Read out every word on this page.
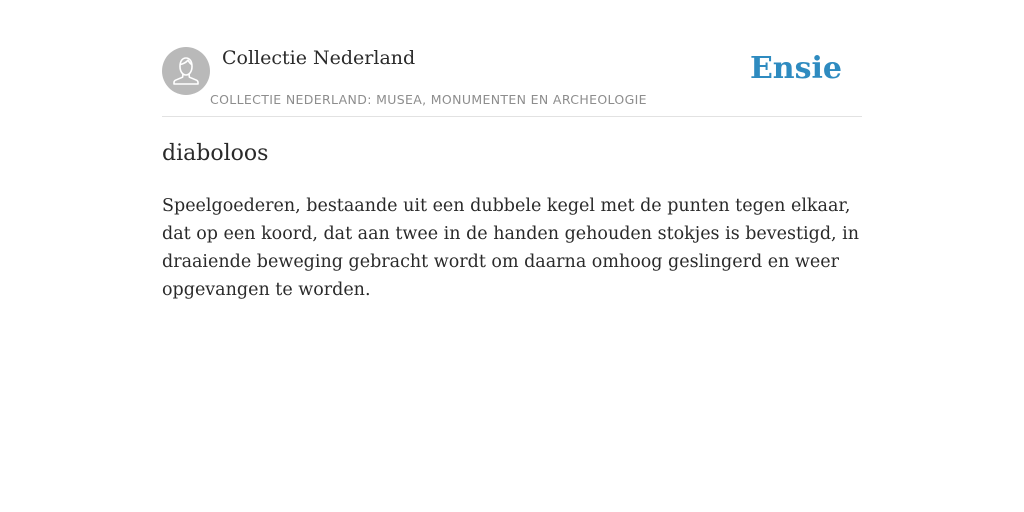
Collectie Nederland
COLLECTIE NEDERLAND: MUSEA, MONUMENTEN EN ARCHEOLOGIE
Ensie
diaboloos

Speelgoederen, bestaande uit een dubbele kegel met de punten tegen elkaar, dat op een koord, dat aan twee in de handen gehouden stokjes is bevestigd, in draaiende beweging gebracht wordt om daarna omhoog geslingerd en weer opgevangen te worden.
